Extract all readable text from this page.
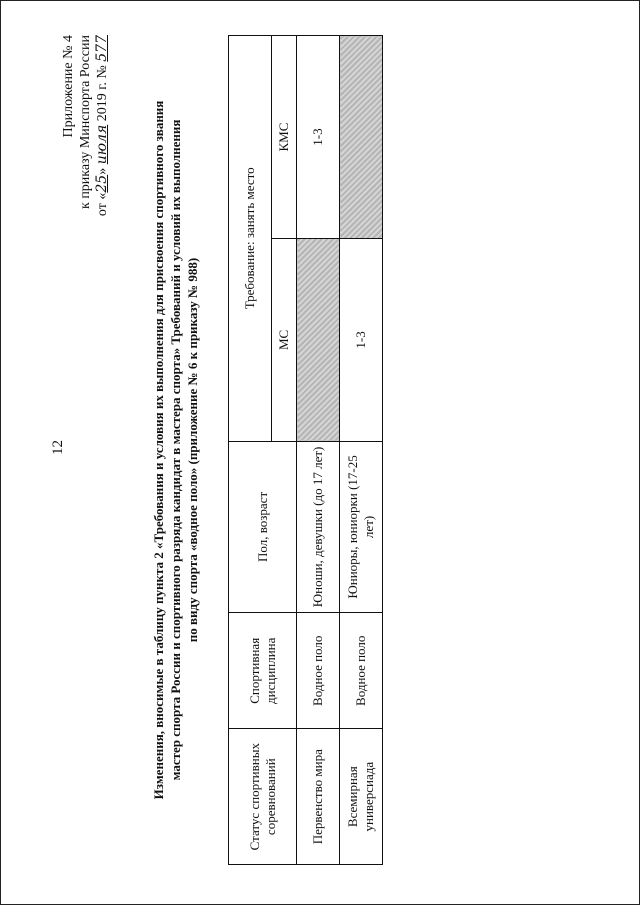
12
Приложение № 4 к приказу Минспорта России от «25» июля 2019 г. № 577
Изменения, вносимые в таблицу пункта 2 «Требования и условия их выполнения для присвоения спортивного звания мастер спорта России и спортивного разряда кандидат в мастера спорта» Требований и условий их выполнения по виду спорта «водное поло» (приложение № 6 к приказу № 988)
Статус спортивных соревнований	Спортивная дисциплина	Пол, возраст	Требование: занять место	
			МС	КМС
Первенство мира	Водное поло	Юноши, девушки (до 17 лет)		1-3
Всемирная универсиада	Водное поло	Юниоры, юниорки (17-25 лет)	1-3	
